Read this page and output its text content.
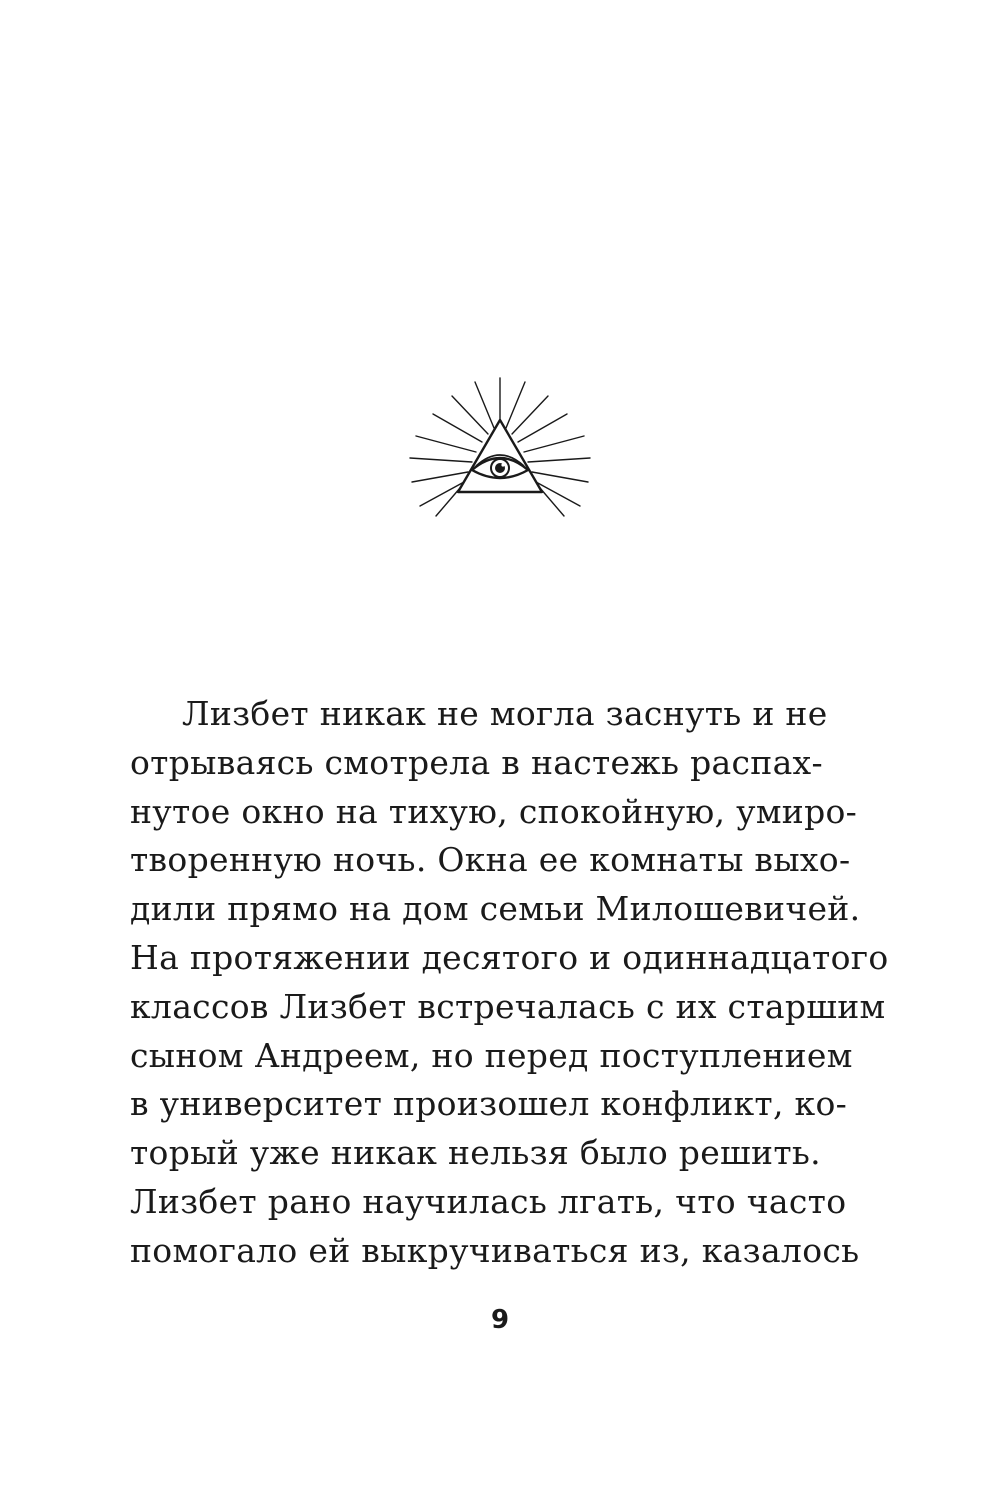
Лизбет никак не могла заснуть и не
отрываясь смотрела в настежь распах-
нутое окно на тихую, спокойную, умиро-
творенную ночь. Окна ее комнаты выхо-
дили прямо на дом семьи Милошевичей.
На протяжении десятого и одиннадцатого
классов Лизбет встречалась с их старшим
сыном Андреем, но перед поступлением
в университет произошел конфликт, ко-
торый уже никак нельзя было решить.
Лизбет рано научилась лгать, что часто
помогало ей выкручиваться из, казалось

9
